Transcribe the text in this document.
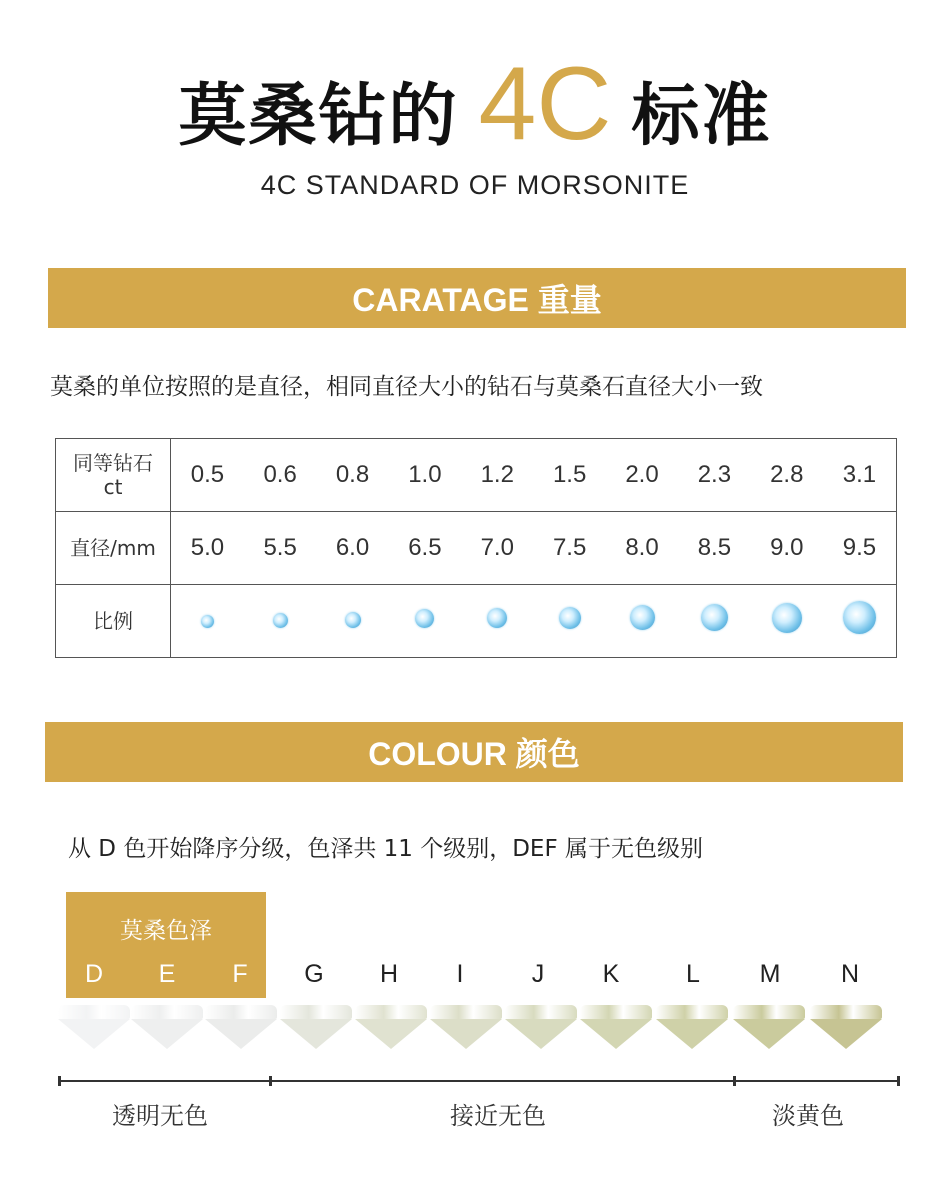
莫桑钻的 4C 标准
4C STANDARD OF MORSONITE
CARATAGE 重量
莫桑的单位按照的是直径，相同直径大小的钻石与莫桑石直径大小一致
同等钻石
ct	0.5	0.6	0.8	1.0	1.2	1.5	2.0	2.3	2.8	3.1
直径/mm	5.0	5.5	6.0	6.5	7.0	7.5	8.0	8.5	9.0	9.5
比例										
COLOUR 颜色
从 D 色开始降序分级，色泽共 11 个级别，DEF 属于无色级别
莫桑色泽
D	E	F	G	H	I	J	K	L	M	N
透明无色	接近无色	淡黄色
